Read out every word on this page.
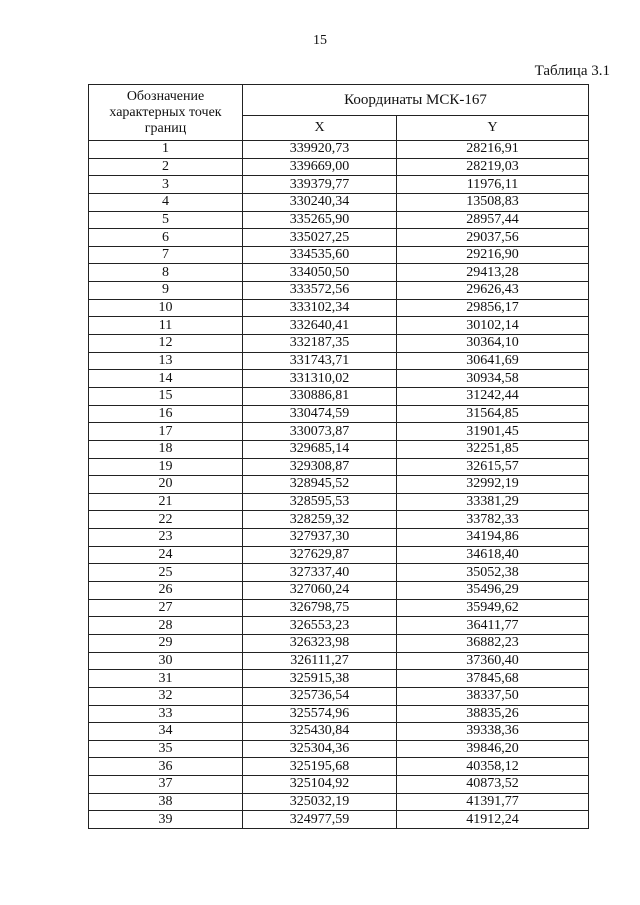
15
Таблица 3.1
Обозначение характерных точек границ	Координаты МСК-167	
	X	Y
1	339920,73	28216,91
2	339669,00	28219,03
3	339379,77	11976,11
4	330240,34	13508,83
5	335265,90	28957,44
6	335027,25	29037,56
7	334535,60	29216,90
8	334050,50	29413,28
9	333572,56	29626,43
10	333102,34	29856,17
11	332640,41	30102,14
12	332187,35	30364,10
13	331743,71	30641,69
14	331310,02	30934,58
15	330886,81	31242,44
16	330474,59	31564,85
17	330073,87	31901,45
18	329685,14	32251,85
19	329308,87	32615,57
20	328945,52	32992,19
21	328595,53	33381,29
22	328259,32	33782,33
23	327937,30	34194,86
24	327629,87	34618,40
25	327337,40	35052,38
26	327060,24	35496,29
27	326798,75	35949,62
28	326553,23	36411,77
29	326323,98	36882,23
30	326111,27	37360,40
31	325915,38	37845,68
32	325736,54	38337,50
33	325574,96	38835,26
34	325430,84	39338,36
35	325304,36	39846,20
36	325195,68	40358,12
37	325104,92	40873,52
38	325032,19	41391,77
39	324977,59	41912,24
